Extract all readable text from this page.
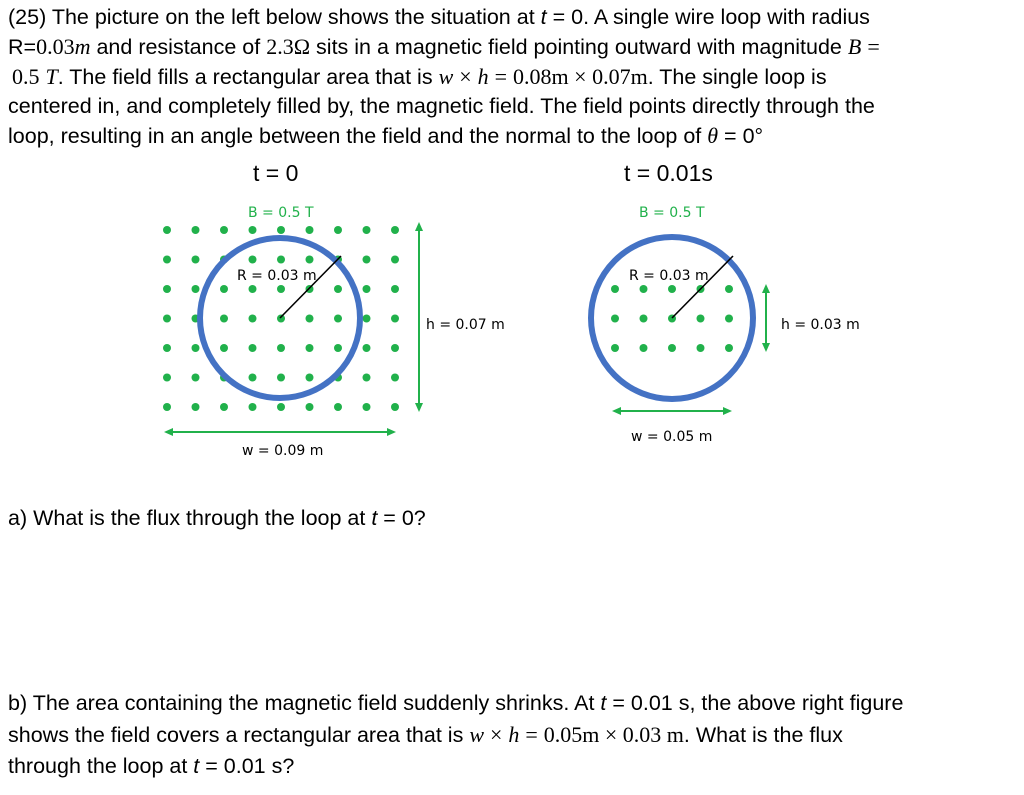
(25) The picture on the left below shows the situation at t = 0. A single wire loop with radius
R=0.03m and resistance of 2.3Ω sits in a magnetic field pointing outward with magnitude B =
0.5 T. The field fills a rectangular area that is w × h = 0.08m × 0.07m. The single loop is
centered in, and completely filled by, the magnetic field. The field points directly through the
loop, resulting in an angle between the field and the normal to the loop of θ = 0°
t = 0	t = 0.01s
B = 0.5 T
R = 0.03 m
h = 0.07 m
w = 0.09 m
B = 0.5 T
R = 0.03 m
h = 0.03 m
w = 0.05 m
a) What is the flux through the loop at t = 0?
b) The area containing the magnetic field suddenly shrinks. At t = 0.01 s, the above right figure
shows the field covers a rectangular area that is w × h = 0.05m × 0.03 m. What is the flux
through the loop at t = 0.01 s?
